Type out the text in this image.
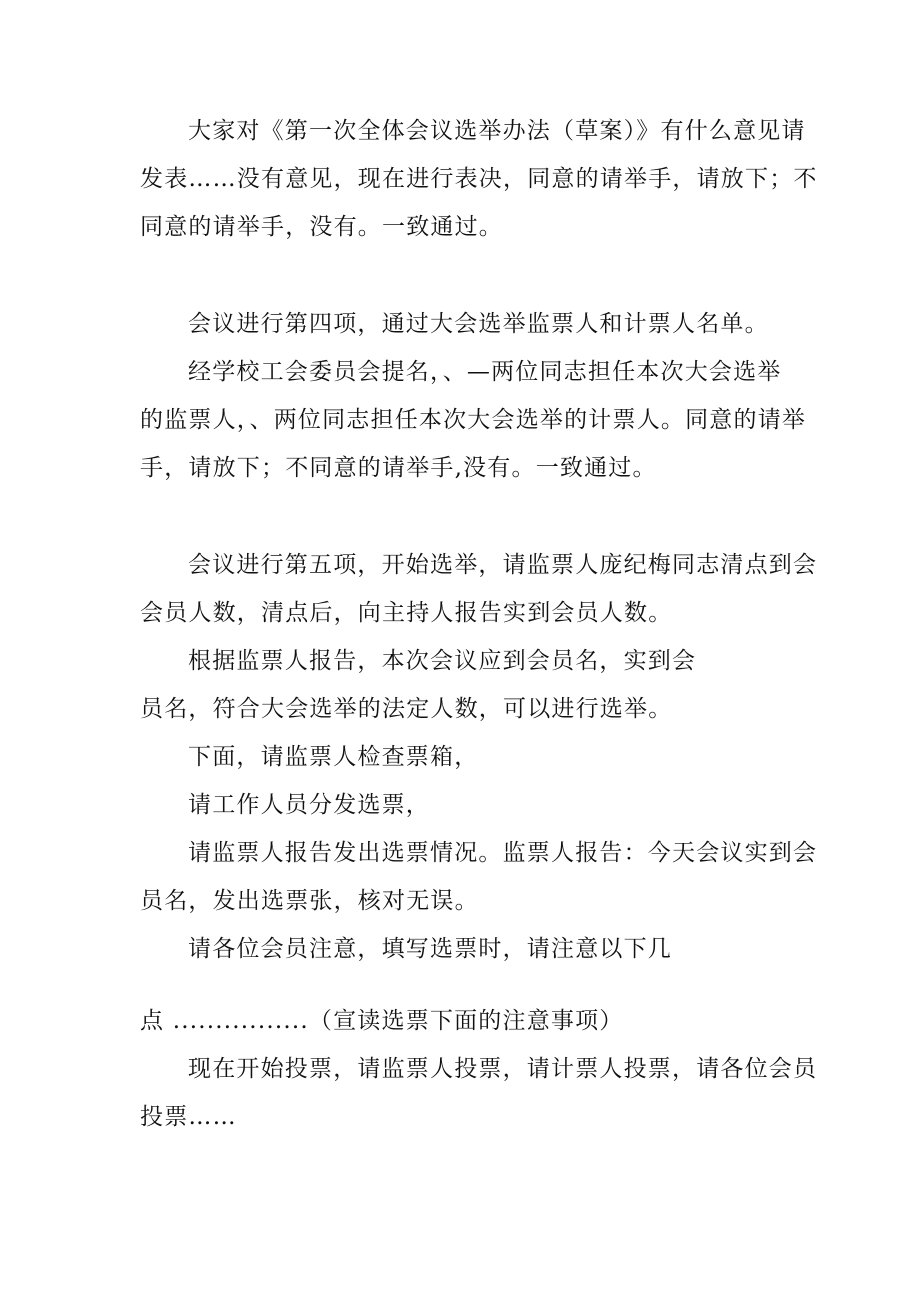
大家对《第一次全体会议选举办法（草案）》有什么意见请

发表……没有意见，现在进行表决，同意的请举手，请放下；不

同意的请举手，没有。一致通过。

会议进行第四项，通过大会选举监票人和计票人名单。

经学校工会委员会提名，、—两位同志担任本次大会选举

的监票人，、两位同志担任本次大会选举的计票人。同意的请举

手，请放下；不同意的请举手,没有。一致通过。

会议进行第五项，开始选举，请监票人庞纪梅同志清点到会

会员人数，清点后，向主持人报告实到会员人数。

根据监票人报告，本次会议应到会员名，实到会

员名，符合大会选举的法定人数，可以进行选举。

下面，请监票人检查票箱，

请工作人员分发选票，

请监票人报告发出选票情况。监票人报告：今天会议实到会

员名，发出选票张，核对无误。

请各位会员注意，填写选票时，请注意以下几

点 ................（宣读选票下面的注意事项）

现在开始投票，请监票人投票，请计票人投票，请各位会员

投票……
